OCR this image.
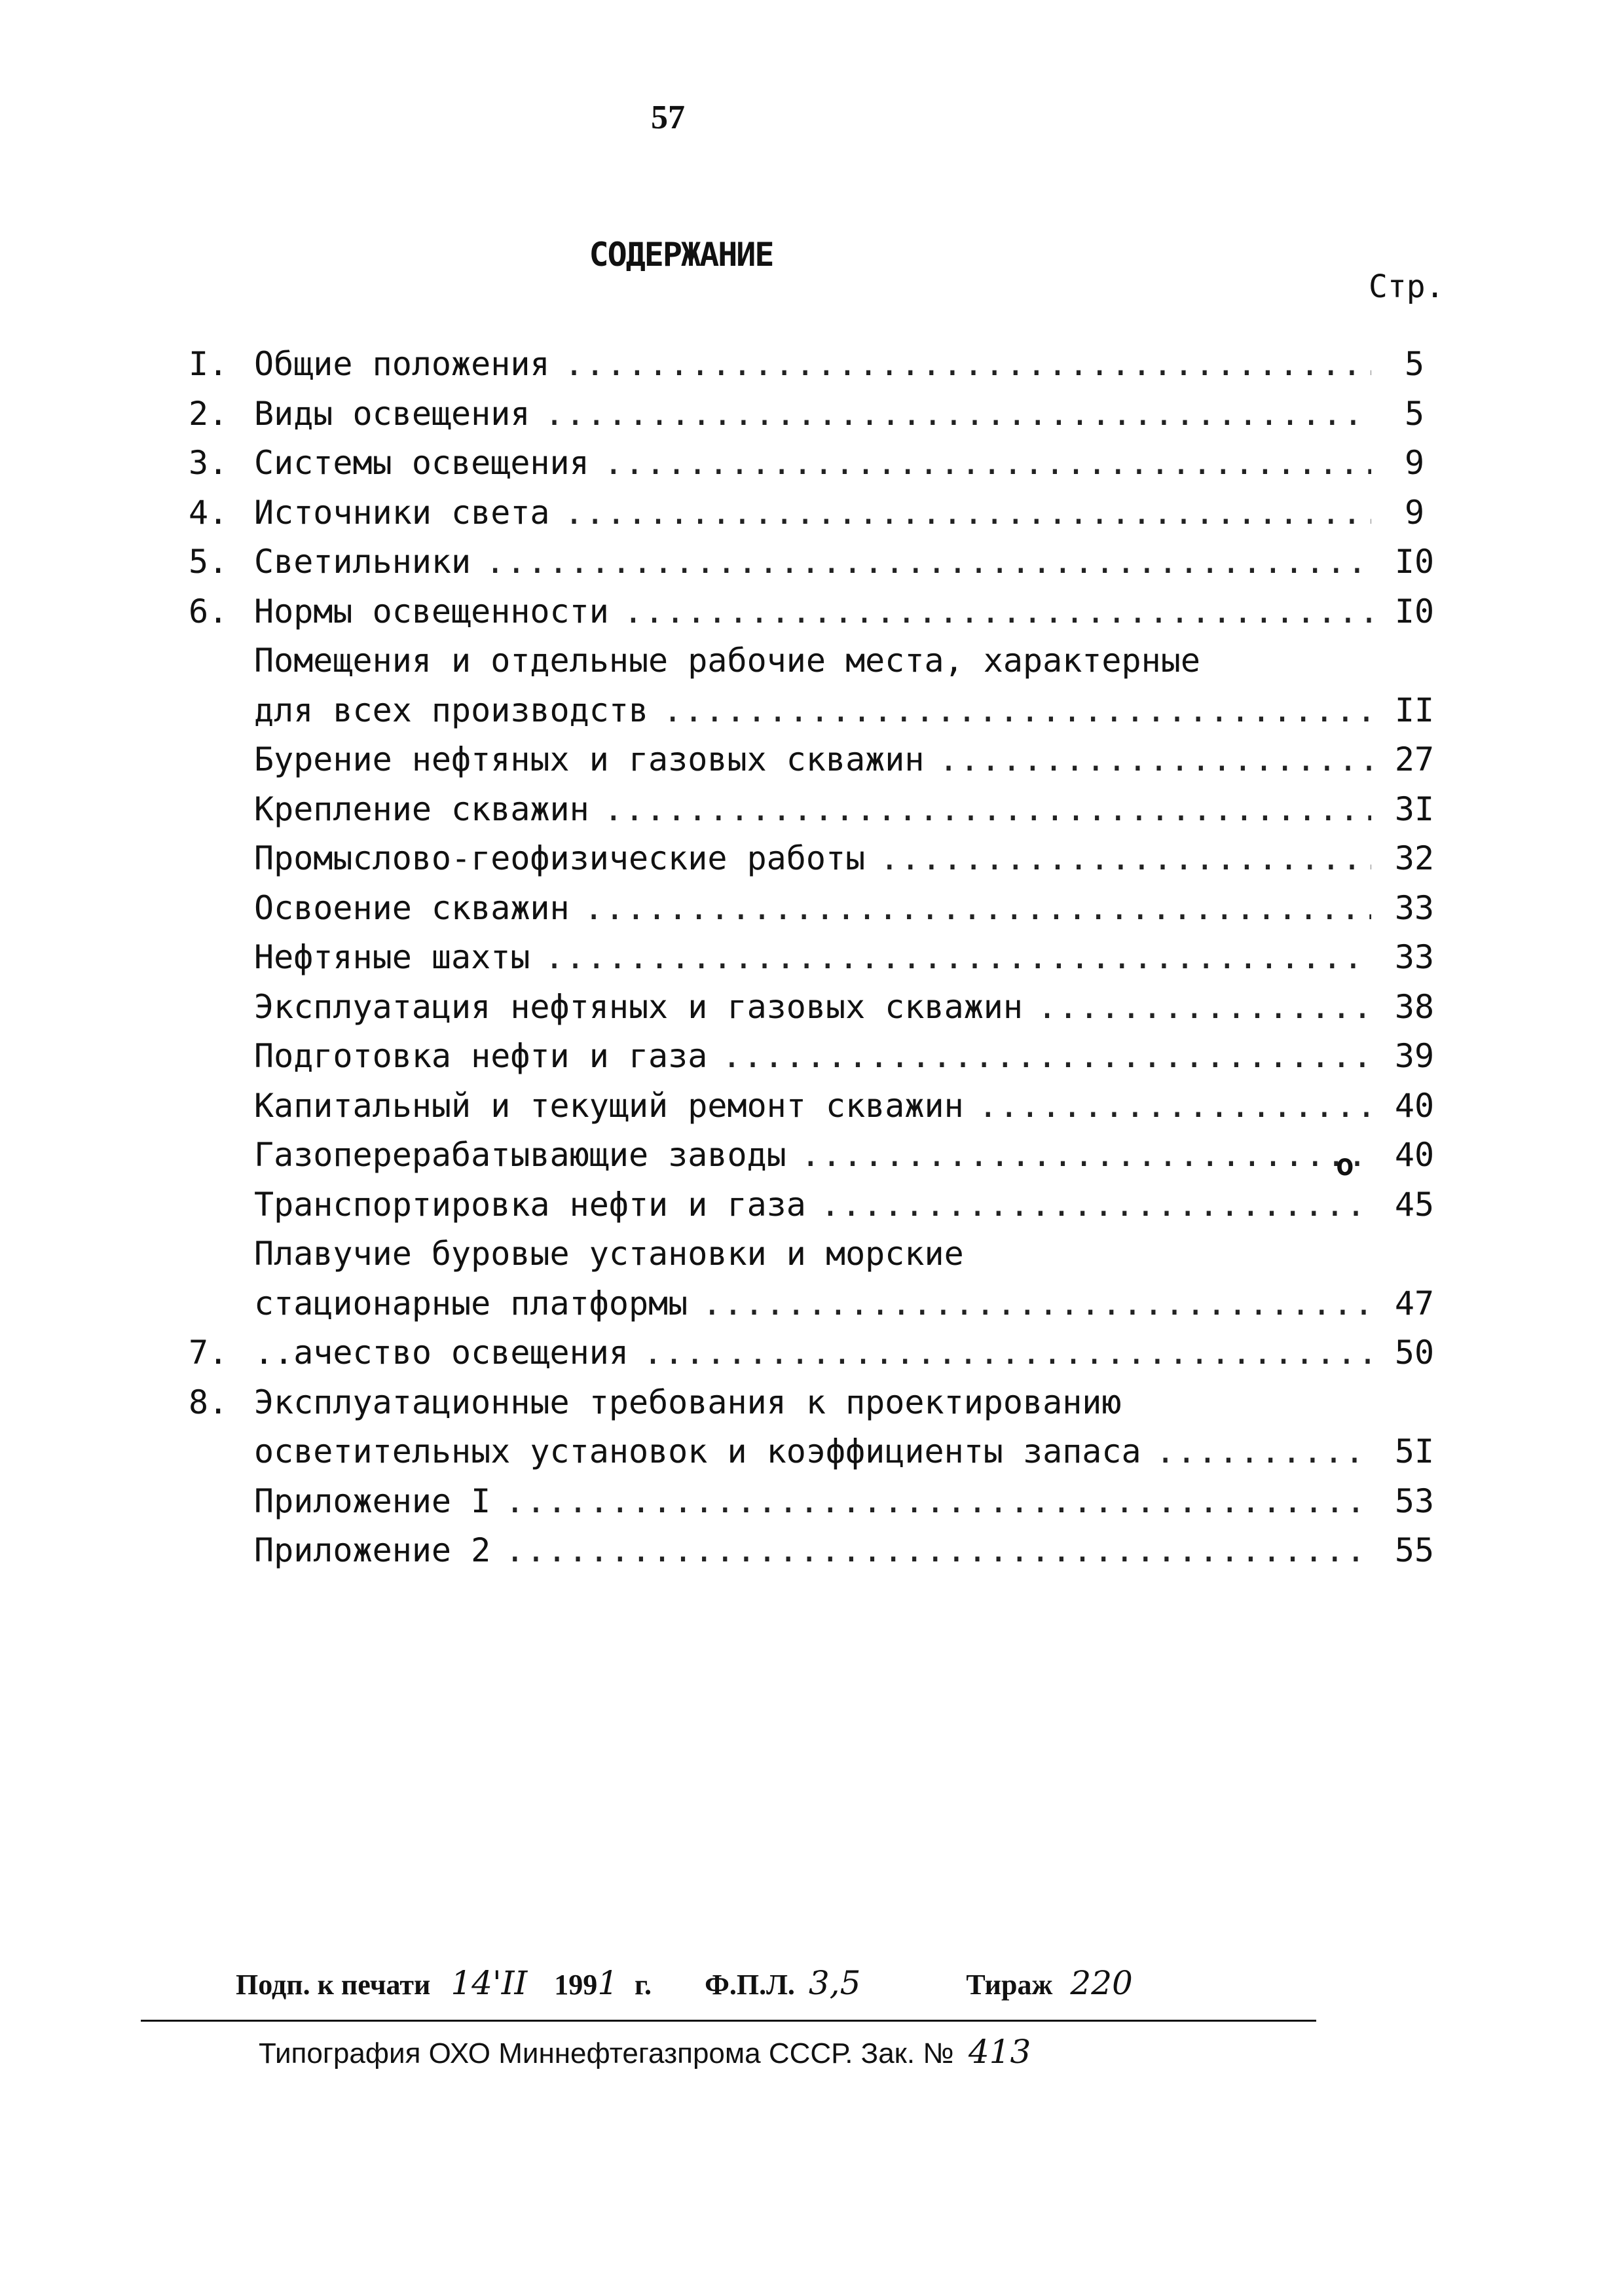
57
СОДЕРЖАНИЕ
Стр.
I. Общие положения .....	5
2. Виды освещения .....	5
3. Системы освещения .....	9
4. Источники света .....	9
5. Светильники .....	I0
6. Нормы освещенности .....	I0
Помещения и отдельные рабочие места, характерные
для всех производств .....	II
Бурение нефтяных и газовых скважин .....	27
Крепление скважин .....	3I
Промыслово-геофизические работы .....	32
Освоение скважин .....	33
Нефтяные шахты .....	33
Эксплуатация нефтяных и газовых скважин .....	38
Подготовка нефти и газа .....	39
Капитальный и текущий ремонт скважин .....	40
Газоперерабатывающие заводы .....	40
Транспортировка нефти и газа .....	45
Плавучие буровые установки и морские
стационарные платформы .....	47
7. ..ачество освещения .....	50
8. Эксплуатационные требования к проектированию
осветительных установок и коэффициенты запаса .....	5I
Приложение I .....	53
Приложение 2 .....	55
o
Подп. к печати 14'II 1991 г. Ф.П.Л. 3,5	Тираж 220
Типография ОХО Миннефтегазпрома СССР. Зак. № 413
